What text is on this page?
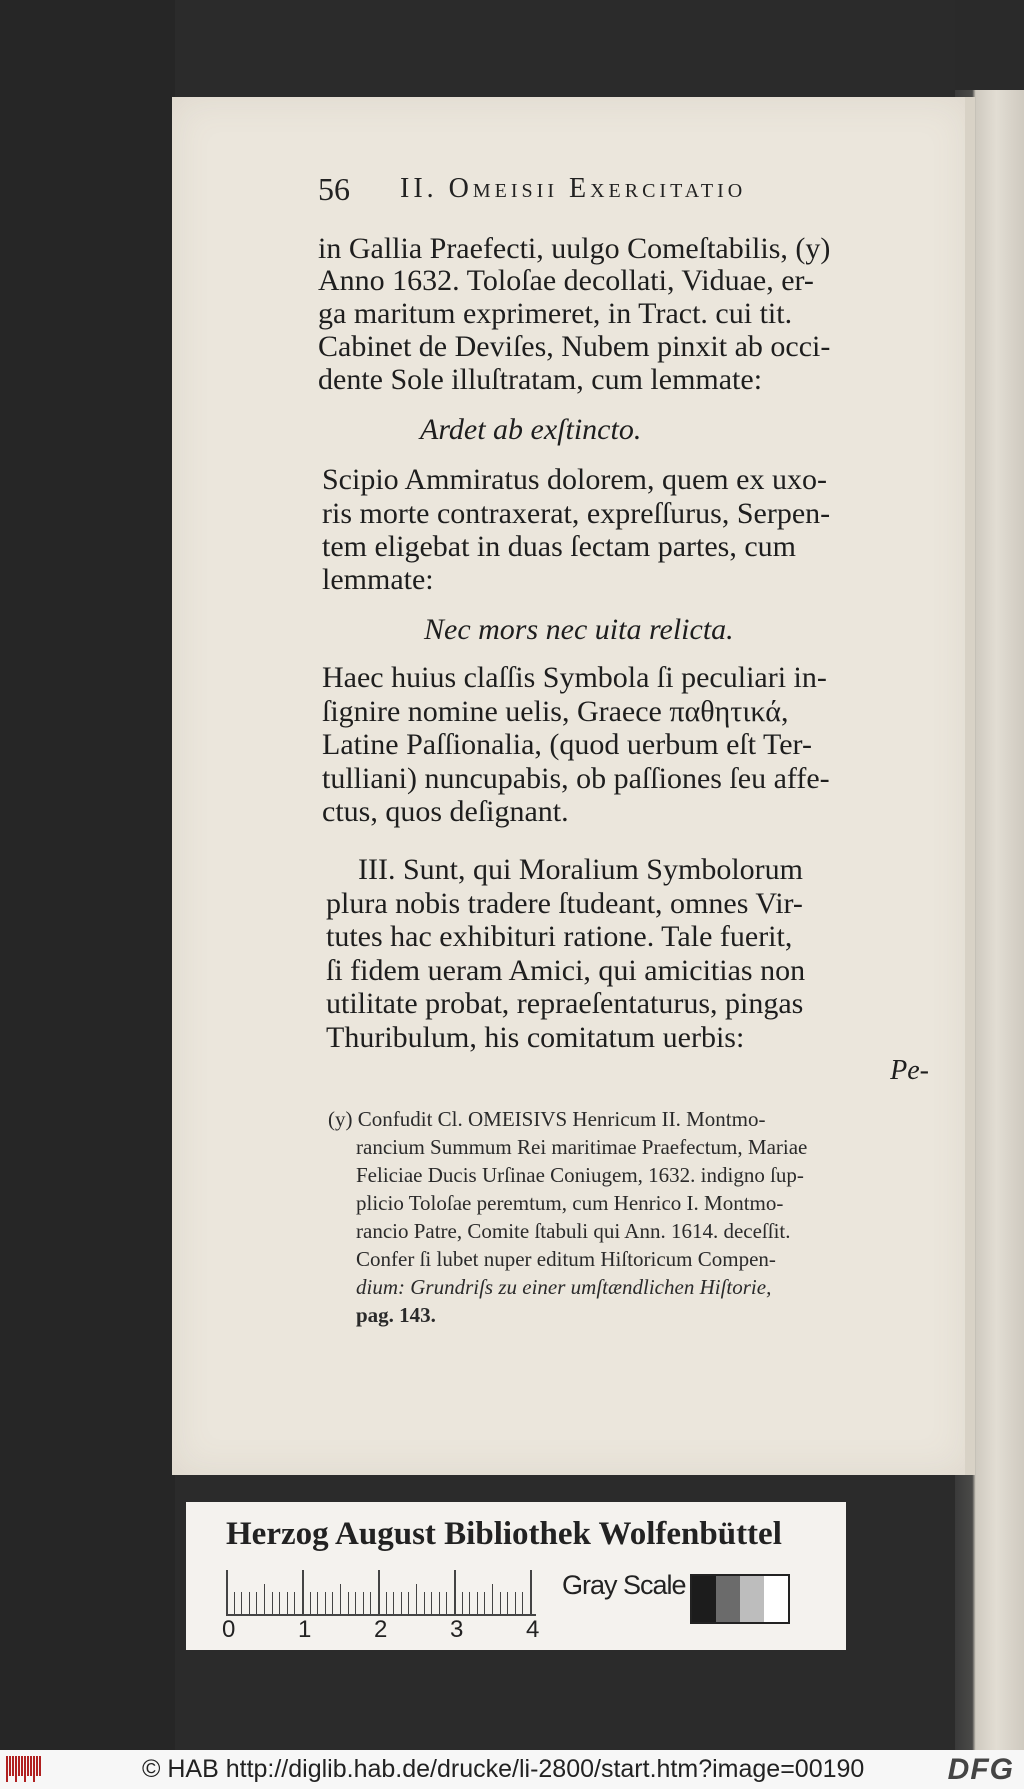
56 II. Omeisii Exercitatio
in Gallia Praefecti, uulgo Comeſtabilis, (y)
Anno 1632. Toloſae decollati, Viduae, er-
ga maritum exprimeret, in Tract. cui tit.
Cabinet de Deviſes, Nubem pinxit ab occi-
dente Sole illuſtratam, cum lemmate:
Ardet ab exſtincto.
Scipio Ammiratus dolorem, quem ex uxo-
ris morte contraxerat, expreſſurus, Serpen-
tem eligebat in duas ſectam partes, cum
lemmate:
Nec mors nec uita relicta.
Haec huius claſſis Symbola ſi peculiari in-
ſignire nomine uelis, Graece παθητικά,
Latine Paſſionalia, (quod uerbum eſt Ter-
tulliani) nuncupabis, ob paſſiones ſeu affe-
ctus, quos deſignant.
III. Sunt, qui Moralium Symbolorum
plura nobis tradere ſtudeant, omnes Vir-
tutes hac exhibituri ratione. Tale fuerit,
ſi fidem ueram Amici, qui amicitias non
utilitate probat, repraeſentaturus, pingas
Thuribulum, his comitatum uerbis:
Pe-
(y) Confudit Cl. OMEISIVS Henricum II. Montmo-
rancium Summum Rei maritimae Praefectum, Mariae
Feliciae Ducis Urſinae Coniugem, 1632. indigno ſup-
plicio Toloſae peremtum, cum Henrico I. Montmo-
rancio Patre, Comite ſtabuli qui Ann. 1614. deceſſit.
Confer ſi lubet nuper editum Hiſtoricum Compen-
dium: Grundriſs zu einer umſtændlichen Hiſtorie,
pag. 143.
Herzog August Bibliothek Wolfenbüttel
0	1	2	3	4
Gray Scale
© HAB http://diglib.hab.de/drucke/li-2800/start.htm?image=00190	DFG
